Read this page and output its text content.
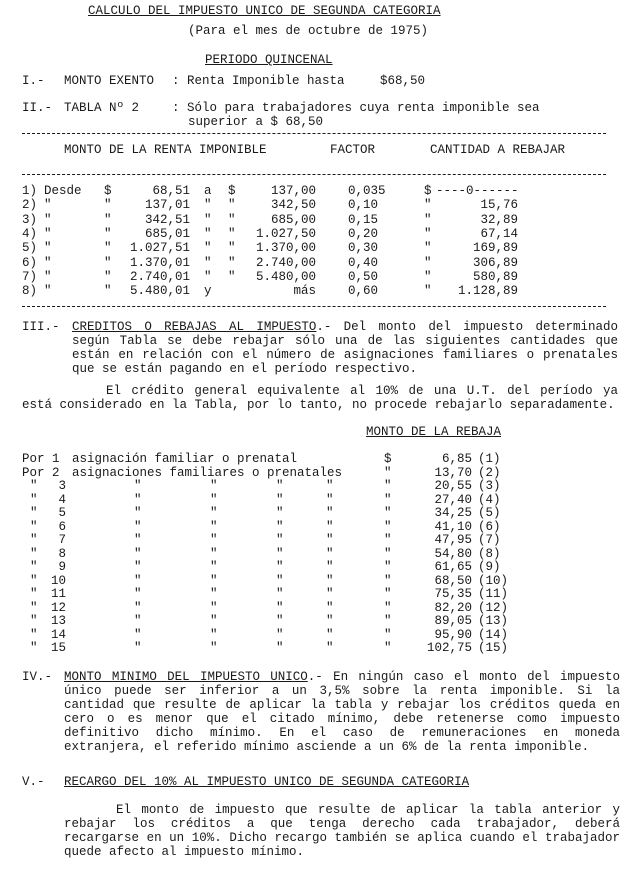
CALCULO DEL IMPUESTO UNICO DE SEGUNDA CATEGORIA
(Para el mes de octubre de 1975)
PERIODO QUINCENAL
I.- MONTO EXENTO : Renta Imponible hasta	$68,50
II.- TABLA Nº 2	: Sólo para trabajadores cuya renta imponible sea
superior a $ 68,50
MONTO DE LA RENTA IMPONIBLE	FACTOR	CANTIDAD A REBAJAR
1) Desde	$	68,51 a	$	137,00	0,035	$ ----0------
2) "	"	137,01 "	"	342,50	0,10	"	15,76
3) "	"	342,51 "	"	685,00	0,15	"	32,89
4) "	"	685,01 "	"	1.027,50	0,20	"	67,14
5) "	"	1.027,51 "	"	1.370,00	0,30	"	169,89
6) "	"	1.370,01 "	"	2.740,00	0,40	"	306,89
7) "	"	2.740,01 "	"	5.480,00	0,50	"	580,89
8) "	"	5.480,01 y	más	0,60	"	1.128,89
III.- CREDITOS O REBAJAS AL IMPUESTO.- Del monto del impuesto determinado según Tabla se debe rebajar sólo una de las siguientes cantidades que están en relación con el número de asignaciones familiares o prenatales que se están pagando en el período respectivo.
El crédito general equivalente al 10% de una U.T. del período ya está considerado en la Tabla, por lo tanto, no procede rebajarlo separadamente.
MONTO DE LA REBAJA
Por 1 asignación familiar o prenatal	$	6,85 (1)
Por 2 asignaciones familiares o prenatales	"	13,70 (2)
"	3	"	"	"	"	"	20,55 (3)
"	4	"	"	"	"	"	27,40 (4)
"	5	"	"	"	"	"	34,25 (5)
"	6	"	"	"	"	"	41,10 (6)
"	7	"	"	"	"	"	47,95 (7)
"	8	"	"	"	"	"	54,80 (8)
"	9	"	"	"	"	"	61,65 (9)
"	10	"	"	"	"	"	68,50 (10)
"	11	"	"	"	"	"	75,35 (11)
"	12	"	"	"	"	"	82,20 (12)
"	13	"	"	"	"	"	89,05 (13)
"	14	"	"	"	"	"	95,90 (14)
"	15	"	"	"	"	"	102,75 (15)
IV.- MONTO MINIMO DEL IMPUESTO UNICO.- En ningún caso el monto del impuesto único puede ser inferior a un 3,5% sobre la renta imponible. Si la cantidad que resulte de aplicar la tabla y rebajar los créditos queda en cero o es menor que el citado mínimo, debe retenerse como impuesto definitivo dicho mínimo. En el caso de remuneraciones en moneda extranjera, el referido mínimo asciende a un 6% de la renta imponible.
V.- RECARGO DEL 10% AL IMPUESTO UNICO DE SEGUNDA CATEGORIA
El monto de impuesto que resulte de aplicar la tabla anterior y rebajar los créditos a que tenga derecho cada trabajador, deberá recargarse en un 10%. Dicho recargo también se aplica cuando el trabajador quede afecto al impuesto mínimo.
